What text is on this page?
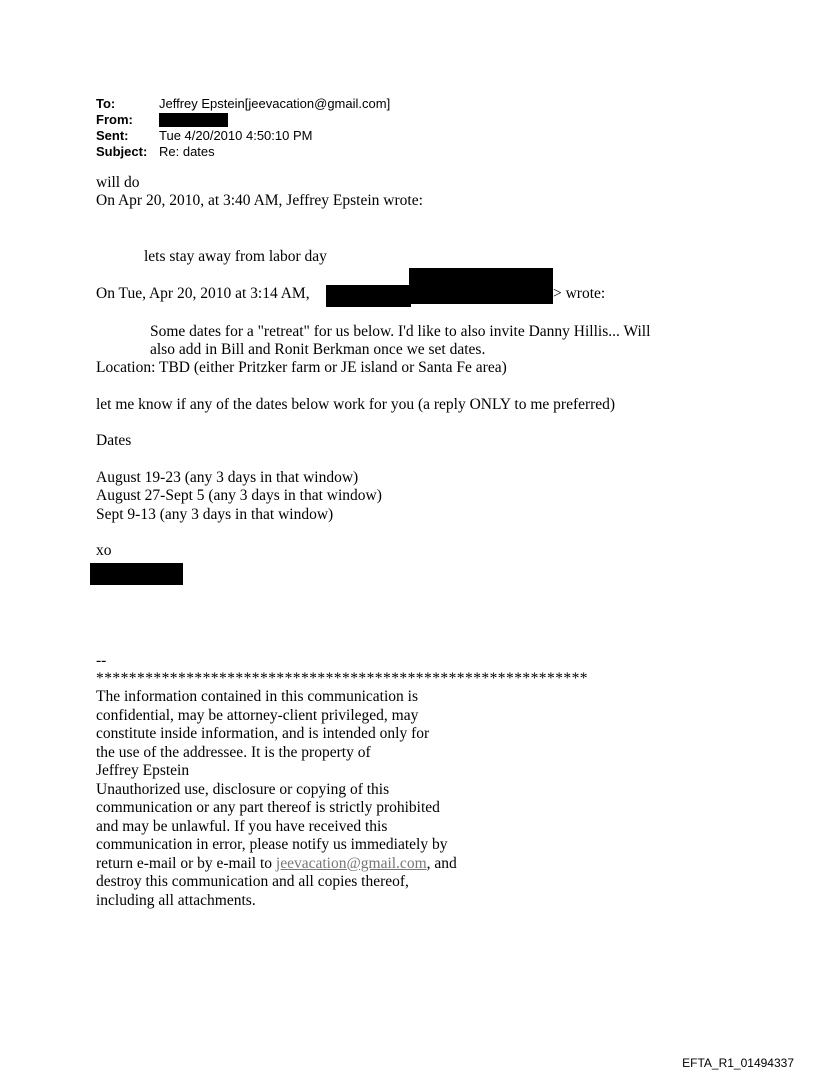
To:	Jeffrey Epstein[jeevacation@gmail.com]
From:
Sent:	Tue 4/20/2010 4:50:10 PM
Subject: Re: dates
will do
On Apr 20, 2010, at 3:40 AM, Jeffrey Epstein wrote:
lets stay away from labor day
On Tue, Apr 20, 2010 at 3:14 AM,	> wrote:
Some dates for a "retreat" for us below. I'd like to also invite Danny Hillis... Will
also add in Bill and Ronit Berkman once we set dates.
Location: TBD (either Pritzker farm or JE island or Santa Fe area)
let me know if any of the dates below work for you (a reply ONLY to me preferred)
Dates
August 19-23 (any 3 days in that window)
August 27-Sept 5 (any 3 days in that window)
Sept 9-13 (any 3 days in that window)
xo
--
************************************************************
The information contained in this communication is
confidential, may be attorney-client privileged, may
constitute inside information, and is intended only for
the use of the addressee. It is the property of
Jeffrey Epstein
Unauthorized use, disclosure or copying of this
communication or any part thereof is strictly prohibited
and may be unlawful. If you have received this
communication in error, please notify us immediately by
return e-mail or by e-mail to jeevacation@gmail.com, and
destroy this communication and all copies thereof,
including all attachments.
EFTA_R1_01494337
